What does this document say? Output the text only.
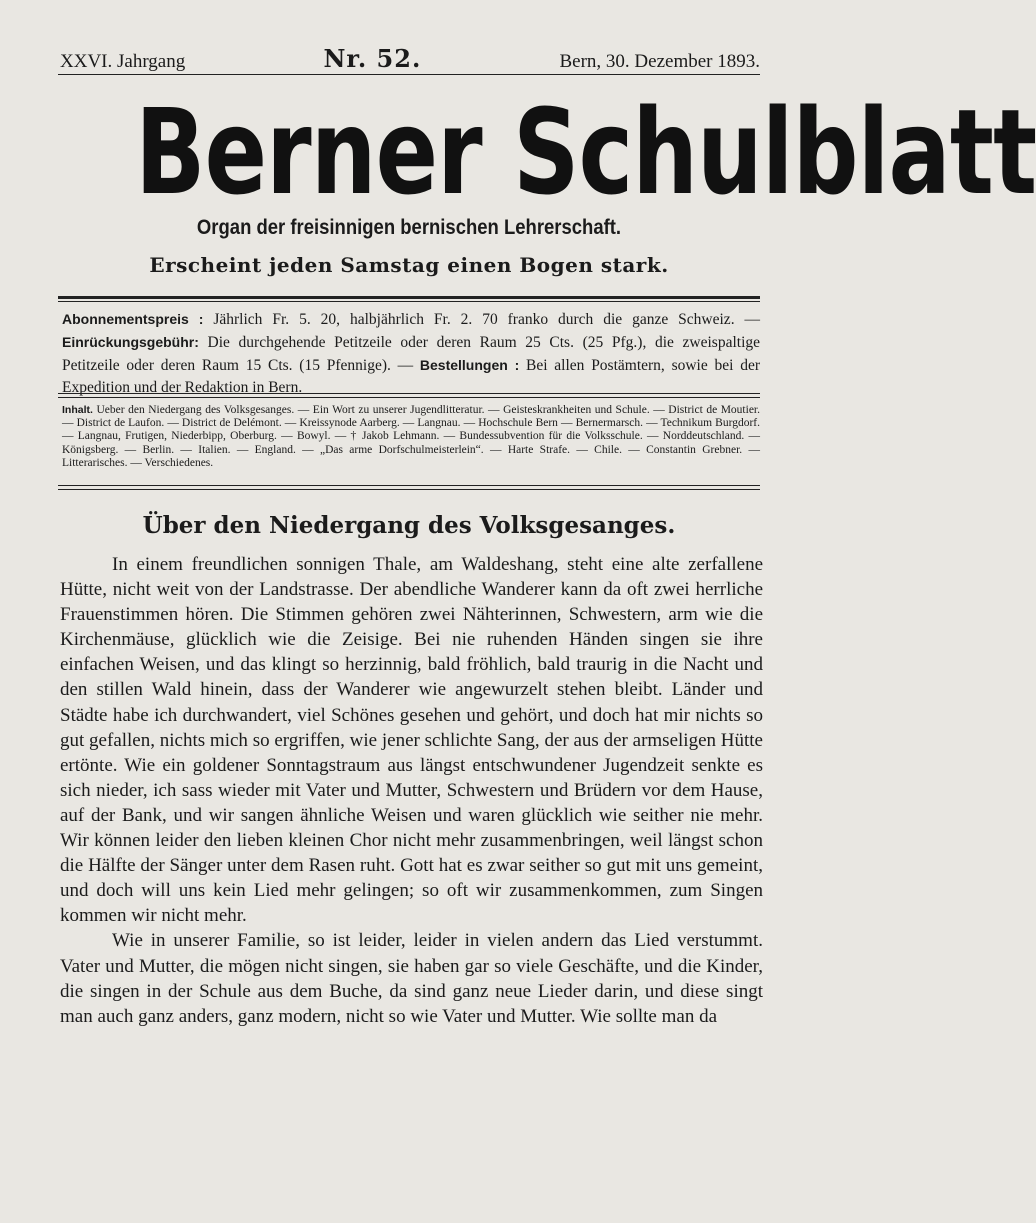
XXVI. Jahrgang	Nr. 52.	Bern, 30. Dezember 1893.
Berner Schulblatt
Organ der freisinnigen bernischen Lehrerschaft.
Erscheint jeden Samstag einen Bogen stark.

Abonnementspreis : Jährlich Fr. 5. 20, halbjährlich Fr. 2. 70 franko durch die ganze Schweiz. — Einrückungsgebühr: Die durchgehende Petitzeile oder deren Raum 25 Cts. (25 Pfg.), die zweispaltige Petitzeile oder deren Raum 15 Cts. (15 Pfennige). — Bestellungen : Bei allen Postämtern, sowie bei der Expedition und der Redaktion in Bern.

Inhalt. Ueber den Niedergang des Volksgesanges. — Ein Wort zu unserer Jugendlitteratur. — Geisteskrankheiten und Schule. — District de Moutier. — District de Laufon. — District de Delémont. — Kreissynode Aarberg. — Langnau. — Hochschule Bern — Bernermarsch. — Technikum Burgdorf. — Langnau, Frutigen, Niederbipp, Oberburg. — Bowyl. — † Jakob Lehmann. — Bundessubvention für die Volksschule. — Norddeutschland. — Königsberg. — Berlin. — Italien. — England. — „Das arme Dorfschulmeisterlein“. — Harte Strafe. — Chile. — Constantin Grebner. — Litterarisches. — Verschiedenes.
Über den Niedergang des Volksgesanges.

In einem freundlichen sonnigen Thale, am Waldeshang, steht eine alte zerfallene Hütte, nicht weit von der Landstrasse. Der abendliche Wanderer kann da oft zwei herrliche Frauenstimmen hören. Die Stimmen gehören zwei Nähterinnen, Schwestern, arm wie die Kirchenmäuse, glücklich wie die Zeisige. Bei nie ruhenden Händen singen sie ihre einfachen Weisen, und das klingt so herzinnig, bald fröhlich, bald traurig in die Nacht und den stillen Wald hinein, dass der Wanderer wie angewurzelt stehen bleibt. Länder und Städte habe ich durchwandert, viel Schönes gesehen und gehört, und doch hat mir nichts so gut gefallen, nichts mich so ergriffen, wie jener schlichte Sang, der aus der armseligen Hütte ertönte. Wie ein goldener Sonntagstraum aus längst entschwundener Jugendzeit senkte es sich nieder, ich sass wieder mit Vater und Mutter, Schwestern und Brüdern vor dem Hause, auf der Bank, und wir sangen ähnliche Weisen und waren glücklich wie seither nie mehr. Wir können leider den lieben kleinen Chor nicht mehr zusammenbringen, weil längst schon die Hälfte der Sänger unter dem Rasen ruht. Gott hat es zwar seither so gut mit uns gemeint, und doch will uns kein Lied mehr gelingen; so oft wir zusammenkommen, zum Singen kommen wir nicht mehr.

Wie in unserer Familie, so ist leider, leider in vielen andern das Lied verstummt. Vater und Mutter, die mögen nicht singen, sie haben gar so viele Geschäfte, und die Kinder, die singen in der Schule aus dem Buche, da sind ganz neue Lieder darin, und diese singt man auch ganz anders, ganz modern, nicht so wie Vater und Mutter. Wie sollte man da
